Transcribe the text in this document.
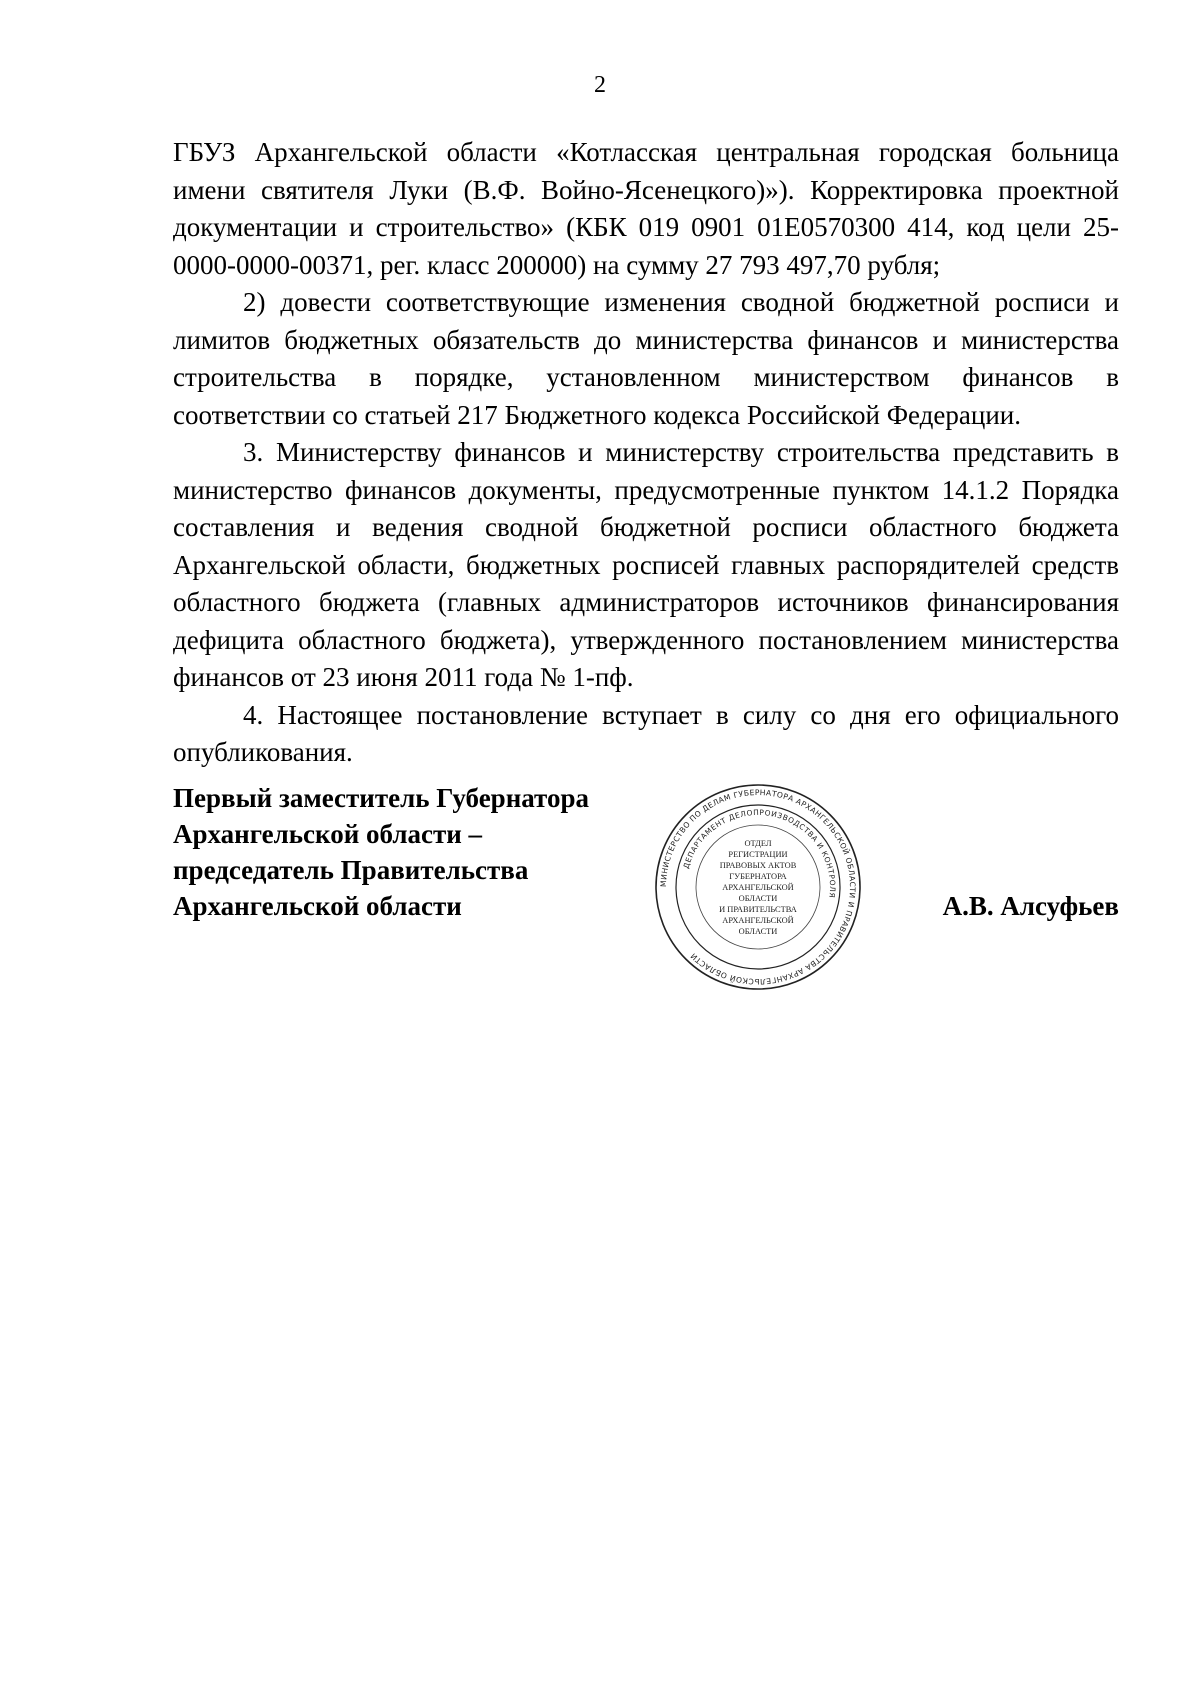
2

ГБУЗ Архангельской области «Котласская центральная городская больница имени святителя Луки (В.Ф. Войно-Ясенецкого)»). Корректировка проектной документации и строительство» (КБК 019 0901 01Е0570300 414, код цели 25-0000-0000-00371, рег. класс 200000) на сумму 27 793 497,70 рубля;

2) довести соответствующие изменения сводной бюджетной росписи и лимитов бюджетных обязательств до министерства финансов и министерства строительства в порядке, установленном министерством финансов в соответствии со статьей 217 Бюджетного кодекса Российской Федерации.

3. Министерству финансов и министерству строительства представить в министерство финансов документы, предусмотренные пунктом 14.1.2 Порядка составления и ведения сводной бюджетной росписи областного бюджета Архангельской области, бюджетных росписей главных распорядителей средств областного бюджета (главных администраторов источников финансирования дефицита областного бюджета), утвержденного постановлением министерства финансов от 23 июня 2011 года № 1-пф.

4. Настоящее постановление вступает в силу со дня его официального опубликования.

Первый заместитель Губернатора
Архангельской области –
председатель Правительства
Архангельской области
МИНИСТЕРСТВО ПО ДЕЛАМ ГУБЕРНАТОРА АРХАНГЕЛЬСКОЙ ОБЛАСТИ И ПРАВИТЕЛЬСТВА АРХАНГЕЛЬСКОЙ ОБЛАСТИ
ДЕПАРТАМЕНТ ДЕЛОПРОИЗВОДСТВА И КОНТРОЛЯ
ОТДЕЛ
РЕГИСТРАЦИИ
ПРАВОВЫХ АКТОВ
ГУБЕРНАТОРА
АРХАНГЕЛЬСКОЙ
ОБЛАСТИ
И ПРАВИТЕЛЬСТВА
АРХАНГЕЛЬСКОЙ
ОБЛАСТИ
А.В. Алсуфьев
